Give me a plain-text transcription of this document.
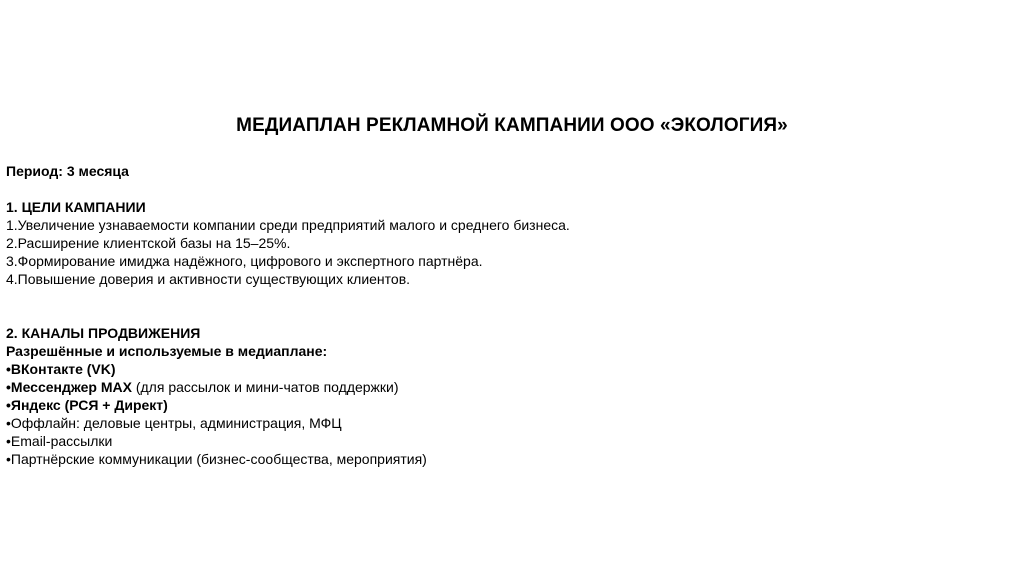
МЕДИАПЛАН РЕКЛАМНОЙ КАМПАНИИ ООО «ЭКОЛОГИЯ»
Период: 3 месяца
1. ЦЕЛИ КАМПАНИИ
1.Увеличение узнаваемости компании среди предприятий малого и среднего бизнеса.
2.Расширение клиентской базы на 15–25%.
3.Формирование имиджа надёжного, цифрового и экспертного партнёра.
4.Повышение доверия и активности существующих клиентов.
2. КАНАЛЫ ПРОДВИЖЕНИЯ
Разрешённые и используемые в медиаплане:
•ВКонтакте (VK)
•Мессенджер MAX (для рассылок и мини-чатов поддержки)
•Яндекс (РСЯ + Директ)
•Оффлайн: деловые центры, администрация, МФЦ
•Email-рассылки
•Партнёрские коммуникации (бизнес-сообщества, мероприятия)
